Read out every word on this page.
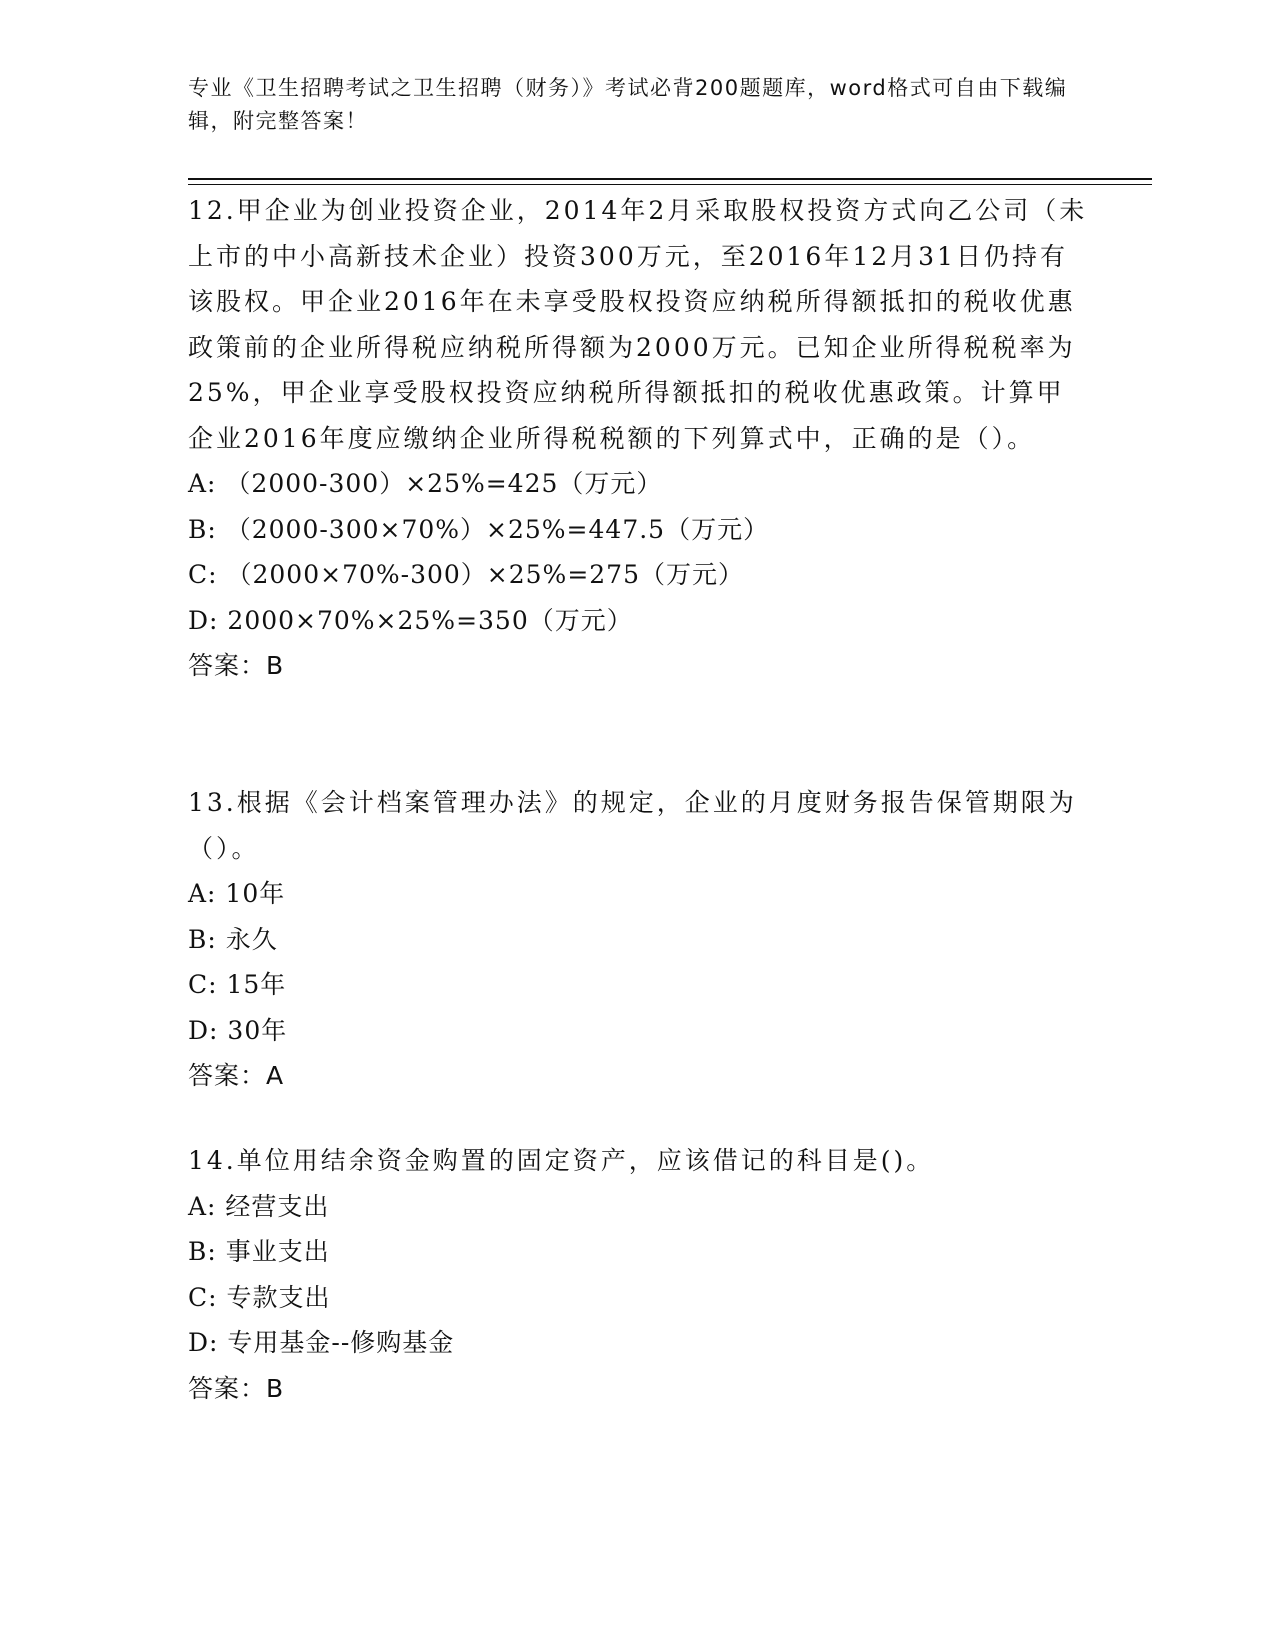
专业《卫生招聘考试之卫生招聘（财务）》考试必背200题题库，word格式可自由下载编辑，附完整答案！

12.甲企业为创业投资企业，2014年2月采取股权投资方式向乙公司（未上市的中小高新技术企业）投资300万元，至2016年12月31日仍持有该股权。甲企业2016年在未享受股权投资应纳税所得额抵扣的税收优惠政策前的企业所得税应纳税所得额为2000万元。已知企业所得税税率为25%，甲企业享受股权投资应纳税所得额抵扣的税收优惠政策。计算甲企业2016年度应缴纳企业所得税税额的下列算式中，正确的是（）。

A: （2000-300）×25%=425（万元）

B: （2000-300×70%）×25%=447.5（万元）

C: （2000×70%-300）×25%=275（万元）

D: 2000×70%×25%=350（万元）

答案：B

13.根据《会计档案管理办法》的规定，企业的月度财务报告保管期限为（）。

A: 10年

B: 永久

C: 15年

D: 30年

答案：A

14.单位用结余资金购置的固定资产，应该借记的科目是()。

A: 经营支出

B: 事业支出

C: 专款支出

D: 专用基金--修购基金

答案：B
